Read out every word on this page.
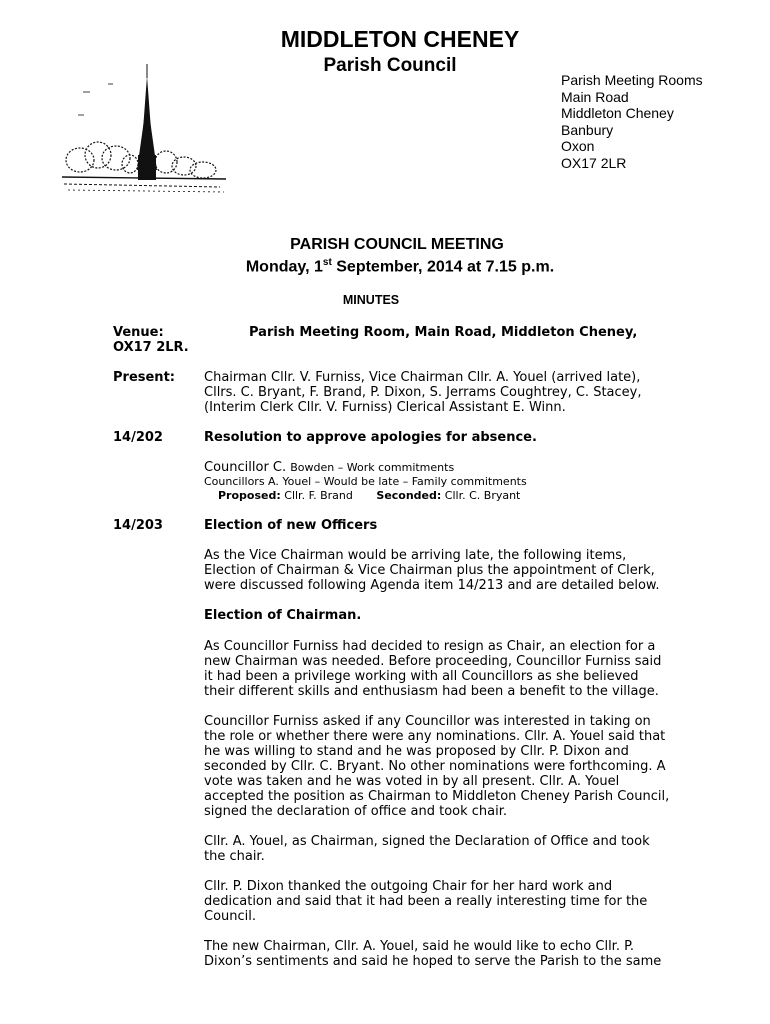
MIDDLETON CHENEY
Parish Council
Parish Meeting Rooms
Main Road
Middleton Cheney
Banbury
Oxon
OX17 2LR
PARISH COUNCIL MEETING
Monday, 1st September, 2014 at 7.15 p.m.
MINUTES
Venue:	Parish Meeting Room, Main Road, Middleton Cheney,
OX17 2LR.
Present: Chairman Cllr. V. Furniss, Vice Chairman Cllr. A. Youel (arrived late),
Cllrs. C. Bryant, F. Brand, P. Dixon, S. Jerrams Coughtrey, C. Stacey,
(Interim Clerk Cllr. V. Furniss) Clerical Assistant E. Winn.
14/202	Resolution to approve apologies for absence.
Councillor C. Bowden – Work commitments
Councillors A. Youel – Would be late – Family commitments
Proposed: Cllr. F. Brand Seconded: Cllr. C. Bryant
14/203	Election of new Officers
As the Vice Chairman would be arriving late, the following items,
Election of Chairman & Vice Chairman plus the appointment of Clerk,
were discussed following Agenda item 14/213 and are detailed below.
Election of Chairman.
As Councillor Furniss had decided to resign as Chair, an election for a
new Chairman was needed. Before proceeding, Councillor Furniss said
it had been a privilege working with all Councillors as she believed
their different skills and enthusiasm had been a benefit to the village.
Councillor Furniss asked if any Councillor was interested in taking on
the role or whether there were any nominations. Cllr. A. Youel said that
he was willing to stand and he was proposed by Cllr. P. Dixon and
seconded by Cllr. C. Bryant. No other nominations were forthcoming. A
vote was taken and he was voted in by all present. Cllr. A. Youel
accepted the position as Chairman to Middleton Cheney Parish Council,
signed the declaration of office and took chair.
Cllr. A. Youel, as Chairman, signed the Declaration of Office and took
the chair.
Cllr. P. Dixon thanked the outgoing Chair for her hard work and
dedication and said that it had been a really interesting time for the
Council.
The new Chairman, Cllr. A. Youel, said he would like to echo Cllr. P.
Dixon’s sentiments and said he hoped to serve the Parish to the same
